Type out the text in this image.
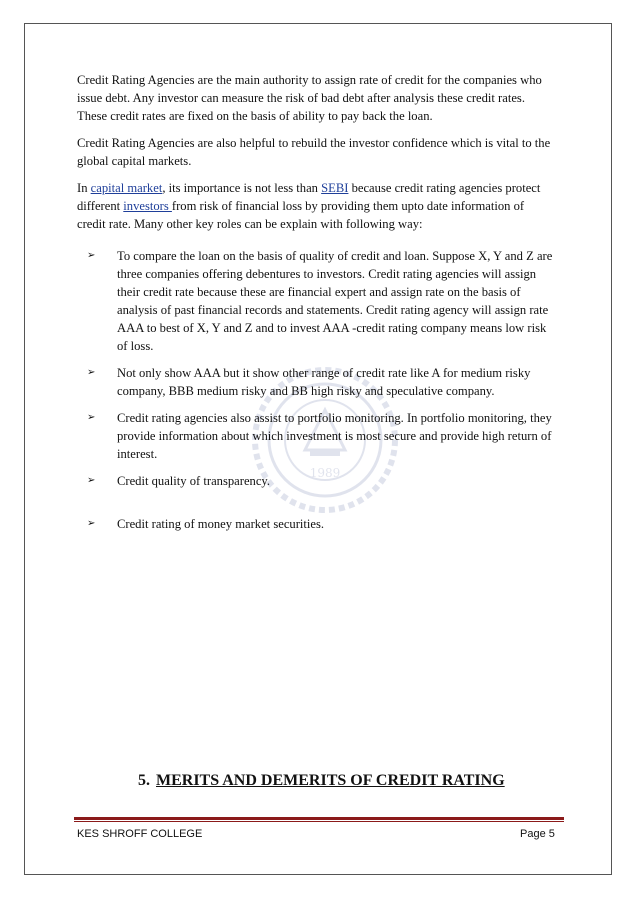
1989

Credit Rating Agencies are the main authority to assign rate of credit for the companies who issue debt. Any investor can measure the risk of bad debt after analysis these credit rates. These credit rates are fixed on the basis of ability to pay back the loan.

Credit Rating Agencies are also helpful to rebuild the investor confidence which is vital to the global capital markets.

In capital market, its importance is not less than SEBI because credit rating agencies protect different investors from risk of financial loss by providing them upto date information of credit rate. Many other key roles can be explain with following way:

➢ To compare the loan on the basis of quality of credit and loan. Suppose X, Y and Z are three companies offering debentures to investors. Credit rating agencies will assign their credit rate because these are financial expert and assign rate on the basis of analysis of past financial records and statements. Credit rating agency will assign rate AAA to best of X, Y and Z and to invest AAA -credit rating company means low risk of loss.
➢ Not only show AAA but it show other range of credit rate like A for medium risky company, BBB medium risky and BB high risky and speculative company.
➢ Credit rating agencies also assist to portfolio monitoring. In portfolio monitoring, they provide information about which investment is most secure and provide high return of interest.
➢ Credit quality of transparency.
➢ Credit rating of money market securities.
5. MERITS AND DEMERITS OF CREDIT RATING
KES SHROFF COLLEGE	Page 5
